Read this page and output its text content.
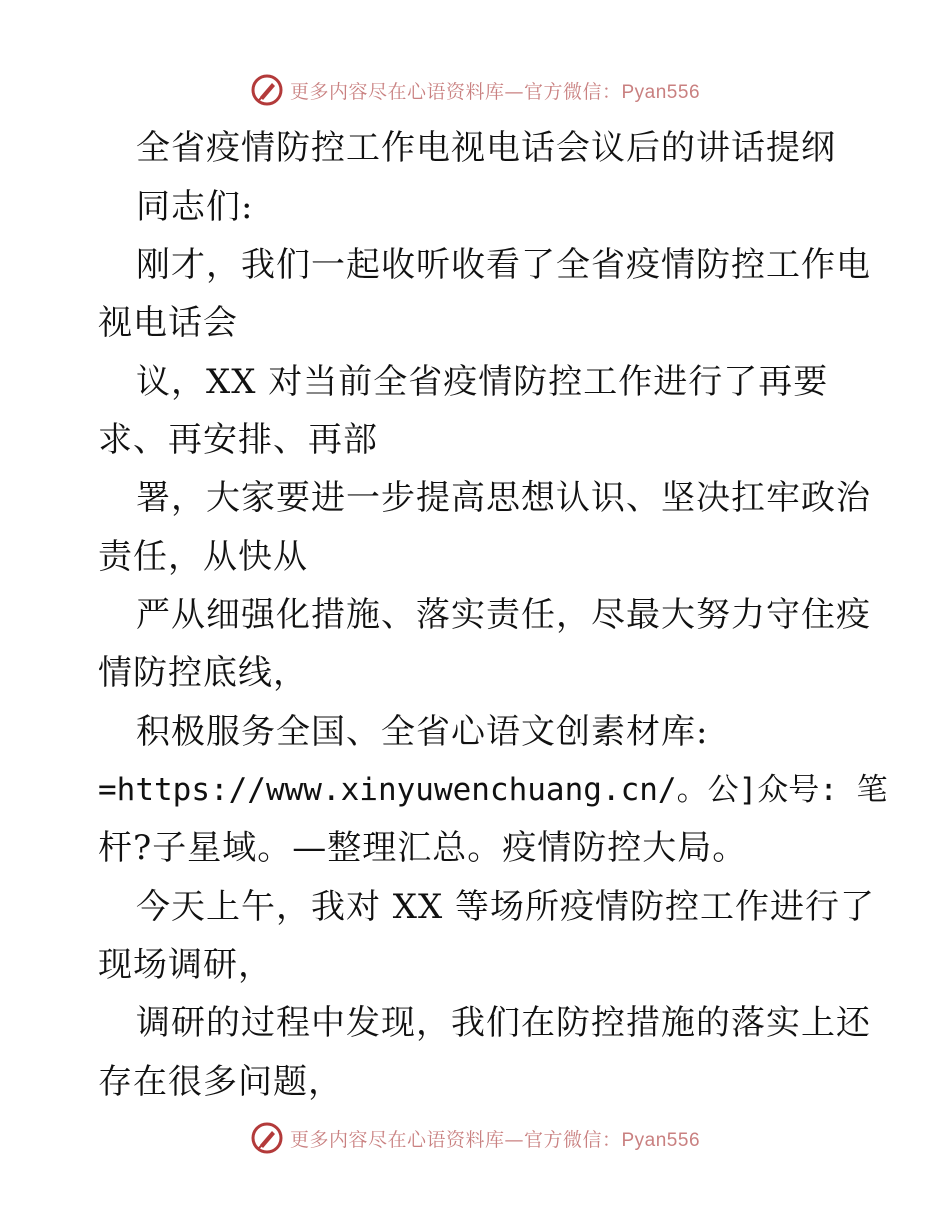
更多内容尽在心语资料库—官方微信：Pyan556
全省疫情防控工作电视电话会议后的讲话提纲
同志们:
刚才，我们一起收听收看了全省疫情防控工作电
视电话会
议，XX 对当前全省疫情防控工作进行了再要
求、再安排、再部
署，大家要进一步提高思想认识、坚决扛牢政治
责任，从快从
严从细强化措施、落实责任，尽最大努力守住疫
情防控底线，
积极服务全国、全省心语文创素材库:
=https://www.xinyuwenchuang.cn/。公]众号: 笔
杆?子星域。—整理汇总。疫情防控大局。
今天上午，我对 XX 等场所疫情防控工作进行了
现场调研，
调研的过程中发现，我们在防控措施的落实上还
存在很多问题，
更多内容尽在心语资料库—官方微信：Pyan556
